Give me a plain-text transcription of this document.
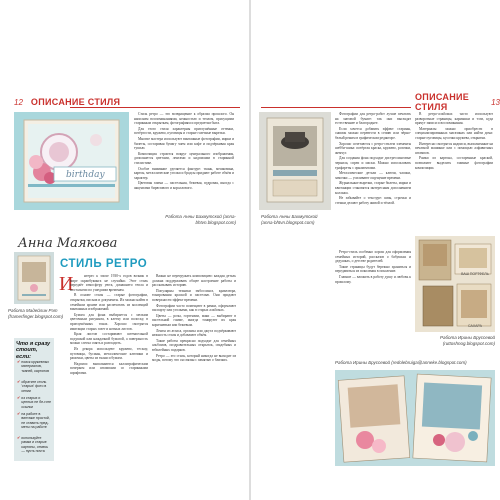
12 ОПИСАНИЕ СТИЛЯ
birthday

Стиль ретро — это возвращение к образам прошлого. Он наполнен воспоминаниями, нежностью и теплом, присущими старинным открыткам, фотографиям и предметам быта.

Для этого стиля характерны приглушённые оттенки, потёртости, кружево, пуговицы и старые газетные вырезки.

Многие мастера используют винтажные фотографии, марки и билеты, состаривая бумагу чаем или кофе и подчёркивая края тушью.

Композиция строится вокруг центрального изображения, дополняется цветами, лентами и надписями в старинной стилистике.

Особое внимание уделяется фактуре: ткань, мешковина, картон, металлические уголки и брадсы придают работе объём и характер.

Цветовая гамма — пастельная, бежевая, пудровая, иногда с акцентами бирюзового и кораллового.

Работа Анны Бахмутской (anna-bhtvn.blogspot.com)
Анна Маякова
Работа Мадейлин Рэт (framerfinger.blogspot.com)
СТИЛЬ РЕТРО
И
Что я сразу стоит, если:
✔ поиск кружевных материалов, тканей, картонов
✔ обратите стиль 'старых' фото в сепии
✔ из старых и ценных не бе-гите ссылки
✔ на работе в винтаже простой, не ставить пред-меты на работе
✔ используйте рамки и старые картины, отмесь — пусть почта

нтерес к эпохе 1930-х годов возник в мире скрапбукинга не случайно. Этот стиль передаёт атмосферу уюта, домашнего тепла и ностальгии по ушедшим временам.

В основе стиля — старые фотографии, открытки, письма и документы. Их можно найти в семейном архиве или распечатать из коллекций винтажных изображений.

Бумага для фона выбирается с мелким цветочным рисунком, в клетку или полоску, в приглушённых тонах. Хорошо смотрятся имитации старых газет и нотных листов.

Края листов состаривают штемпельной подушкой или наждачной бумагой, а поверхность можно слегка смять и разгладить.

Из декора используют кружево, тесьму, пуговицы, бусины, металлические ключики и рамочки, цветы из ткани и бумаги.

Надписи выполняются каллиграфическим почерком или штампами со старинными шрифтами.

Важно не перегружать композицию: каждая деталь должна поддерживать общее настроение работы и рассказывать историю.

Популярны техники эмбоссинга, кракелюра, тонирования краской и пастелью. Они придают поверхности эффект времени.

Фотографии часто помещают в рамки, оформляют паспарту или уголками, как в старых альбомах.

Цветы — розы, гортензии, маки — выбирают в пастельной гамме, иногда тонируют их края коричневым или бежевым.

Ленты из атласа, органзы или джута подчёркивают нежность стиля и добавляют объём.

Такие работы прекрасно подходят для семейных альбомов, поздравительных открыток, свадебных и юбилейных подарков.

Ретро — это стиль, который никогда не выходит из моды, потому что он связан с памятью о близких.

ОПИСАНИЕ СТИЛЯ	13
Работа Анны Бахмутской (anna-bhtvn.blogspot.com)

Фотографии для ретро-работ лучше печатать на матовой бумаге: так они выглядят естественнее и благороднее.

Если хочется добавить эффект старины, снимок можно перевести в сепию или чёрно-белый режим в графическом редакторе.

Хорошо сочетаются с ретро-стилем элементы шебби-шика: потёртая краска, кружево, розочки, жемчуг.

Для создания фона подходят дистрессинговые чернила, спреи и маски. Можно использовать трафареты с орнаментами.

Металлические детали — ключи, часики, замочки — усиливают ощущение времени.

Журнальные вырезки, старые билеты, марки и квитанции становятся интересным дополнением коллажа.

Не забывайте о текстуре: швы, строчки и стежки делают работу живой и тёплой.

В ретро-альбомах часто используют разворотные страницы, кармашки и тэги, куда прячут записи и воспоминания.

Материалы можно приобрести в специализированных магазинах или найти дома: старые пуговицы, кусочки кружева, открытки.

Интересно смотрятся надписи, выполненные на печатной машинке или с помощью алфавитных штампов.

Рамки из картона, состаренные краской, позволяют выделить главные фотографии композиции.

ВАШ ПОРТФЕЛЬ
САХАРА
Работа Ирины Бруссевой (ruttoshnog.blogspot.com)

Ретро-стиль особенно хорош для оформления семейных историй, рассказов о бабушках и дедушках, о детстве родителей.

Такие страницы будут бережно храниться и передаваться из поколения в поколение.

Главное — вложить в работу душу и любовь к прошлому.

Работа Ирины Бруссевой (redolebruiga@anneke.blogspot.com)
